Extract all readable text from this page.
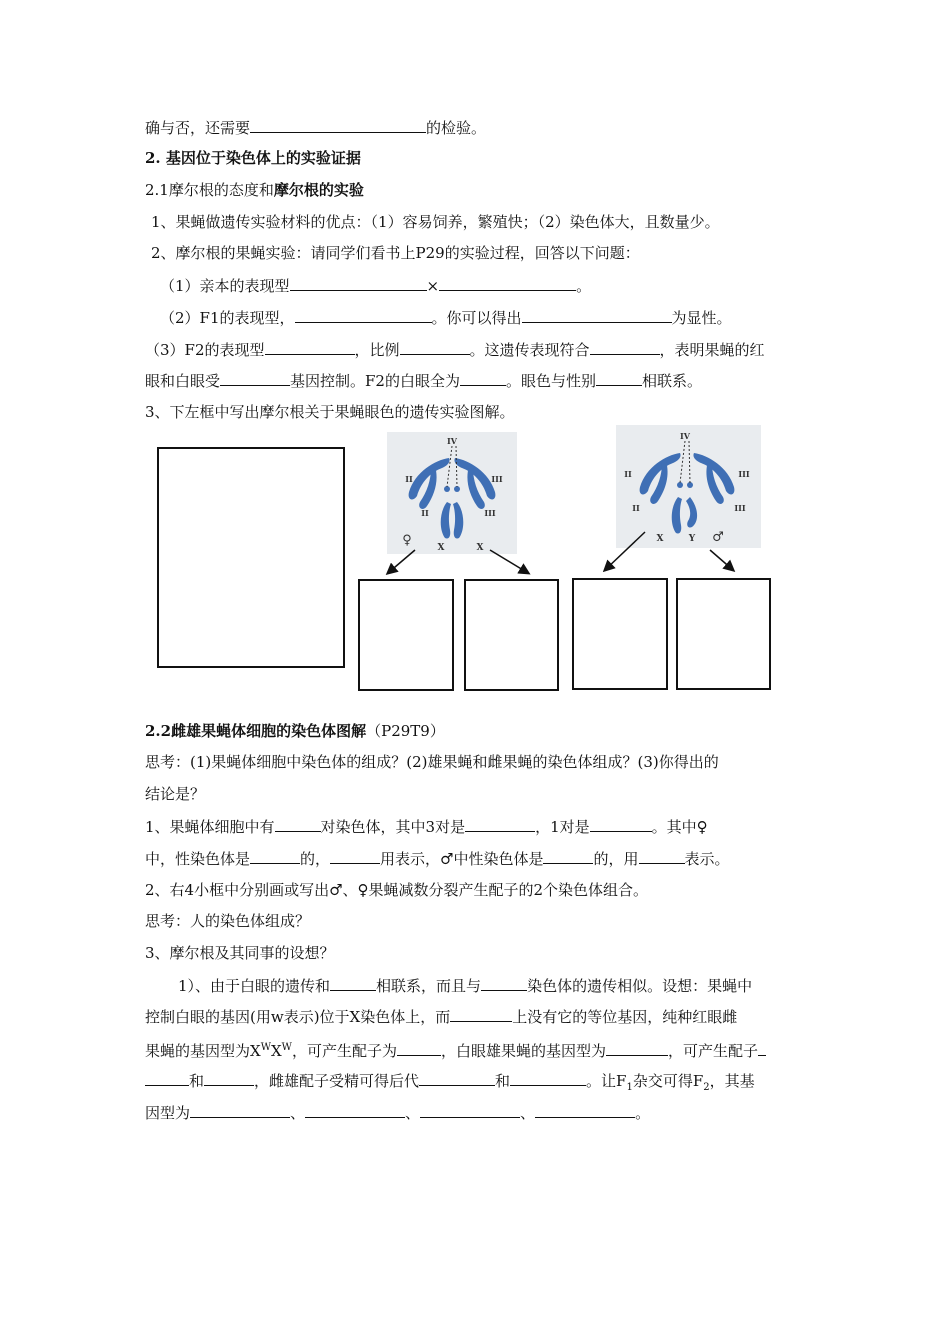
确与否，还需要	的检验。
2. 基因位于染色体上的实验证据
2.1摩尔根的态度和摩尔根的实验
1、果蝇做遗传实验材料的优点：（1）容易饲养，繁殖快；（2）染色体大，且数量少。
2、摩尔根的果蝇实验：请同学们看书上P29的实验过程，回答以下问题：
（1）亲本的表现型	×	。
（2）F1的表现型，	。你可以得出	为显性。
（3）F2的表现型	，比例	。这遗传表现符合	，表明果蝇的红
眼和白眼受	基因控制。F2的白眼全为	。眼色与性别	相联系。
3、下左框中写出摩尔根关于果蝇眼色的遗传实验图解。
IV
II	III
II	III
♀	X	X
IV
II	III
II	III
X	Y ♂
2.2雌雄果蝇体细胞的染色体图解（P29T9）
思考：(1)果蝇体细胞中染色体的组成？(2)雄果蝇和雌果蝇的染色体组成？(3)你得出的
结论是？
1、果蝇体细胞中有	对染色体，其中3对是	，1对是	。其中♀
中，性染色体是	的，	用表示，♂中性染色体是	的，用	表示。
2、右4小框中分别画或写出♂、♀果蝇减数分裂产生配子的2个染色体组合。
思考：人的染色体组成？
3、摩尔根及其同事的设想？
1）、由于白眼的遗传和	相联系，而且与	染色体的遗传相似。设想：果蝇中
控制白眼的基因(用w表示)位于X染色体上，而	上没有它的等位基因，纯种红眼雌
果蝇的基因型为$X^WX^W$，可产生配子为	，白眼雄果蝇的基因型为	，可产生配子
和	，雌雄配子受精可得后代	和	。让$F_1$杂交可得$F_2$，其基
因型为	、	、	、	。
